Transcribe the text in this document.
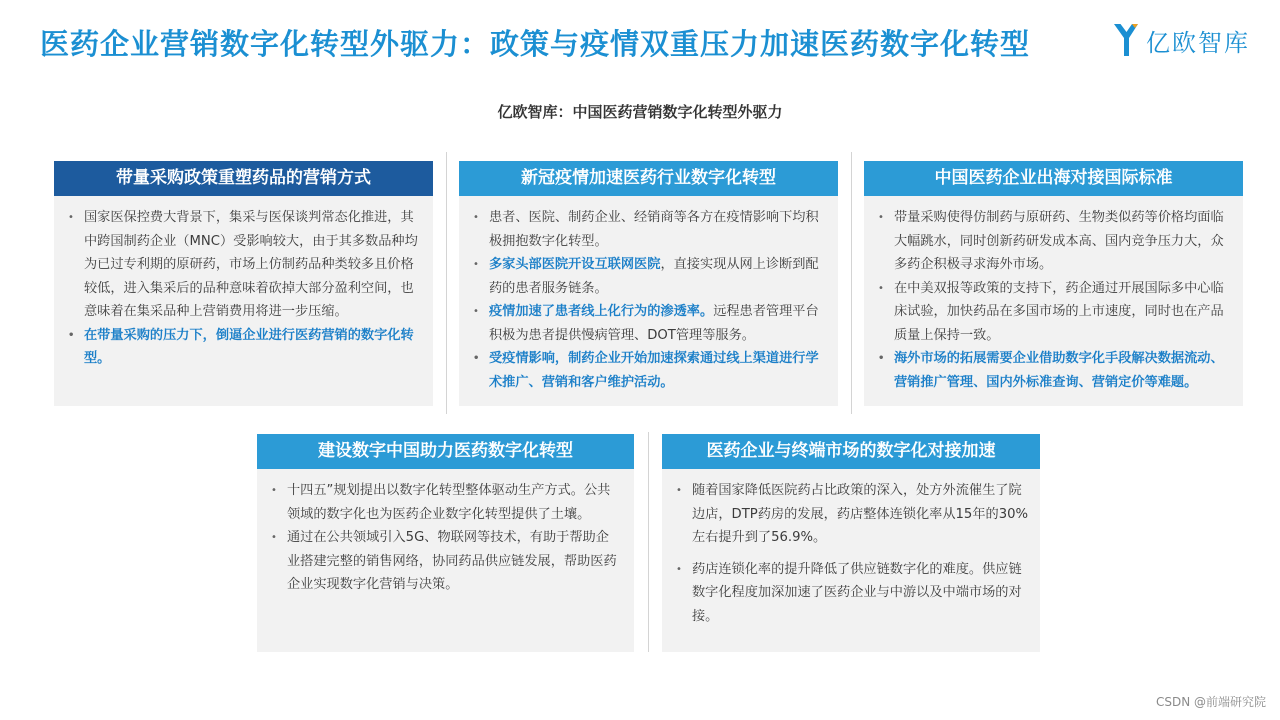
医药企业营销数字化转型外驱力：政策与疫情双重压力加速医药数字化转型	亿欧智库
亿欧智库：中国医药营销数字化转型外驱力
带量采购政策重塑药品的营销方式
• 国家医保控费大背景下，集采与医保谈判常态化推进，其中跨国制药企业（MNC）受影响较大，由于其多数品种均为已过专利期的原研药，市场上仿制药品种类较多且价格较低，进入集采后的品种意味着砍掉大部分盈利空间，也意味着在集采品种上营销费用将进一步压缩。
• 在带量采购的压力下，倒逼企业进行医药营销的数字化转型。
新冠疫情加速医药行业数字化转型
• 患者、医院、制药企业、经销商等各方在疫情影响下均积极拥抱数字化转型。
• 多家头部医院开设互联网医院，直接实现从网上诊断到配药的患者服务链条。
• 疫情加速了患者线上化行为的渗透率。远程患者管理平台积极为患者提供慢病管理、DOT管理等服务。
• 受疫情影响，制药企业开始加速探索通过线上渠道进行学术推广、营销和客户维护活动。
中国医药企业出海对接国际标准
• 带量采购使得仿制药与原研药、生物类似药等价格均面临大幅跳水，同时创新药研发成本高、国内竞争压力大，众多药企积极寻求海外市场。
• 在中美双报等政策的支持下，药企通过开展国际多中心临床试验，加快药品在多国市场的上市速度，同时也在产品质量上保持一致。
• 海外市场的拓展需要企业借助数字化手段解决数据流动、营销推广管理、国内外标准查询、营销定价等难题。
建设数字中国助力医药数字化转型
• 十四五”规划提出以数字化转型整体驱动生产方式。公共领域的数字化也为医药企业数字化转型提供了土壤。
• 通过在公共领域引入5G、物联网等技术，有助于帮助企业搭建完整的销售网络，协同药品供应链发展，帮助医药企业实现数字化营销与决策。
医药企业与终端市场的数字化对接加速
• 随着国家降低医院药占比政策的深入，处方外流催生了院边店，DTP药房的发展，药店整体连锁化率从15年的30%左右提升到了56.9%。
• 药店连锁化率的提升降低了供应链数字化的难度。供应链数字化程度加深加速了医药企业与中游以及中端市场的对接。
CSDN @前端研究院
